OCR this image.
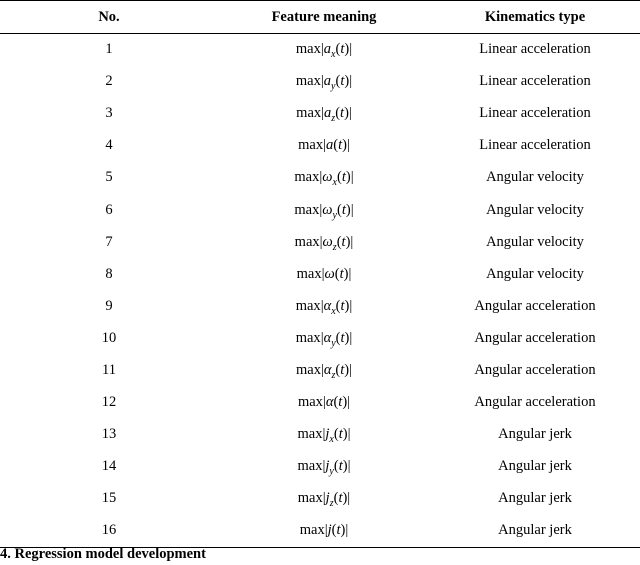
No.	Feature meaning	Kinematics type
1	$\max|a_x(t)|$	Linear acceleration
2	$\max|a_y(t)|$	Linear acceleration
3	$\max|a_z(t)|$	Linear acceleration
4	max|a(t)|	Linear acceleration
5	$\max|\omega_x(t)|$	Angular velocity
6	$\max|\omega_y(t)|$	Angular velocity
7	$\max|\omega_z(t)|$	Angular velocity
8	max|ω(t)|	Angular velocity
9	$\max|\alpha_x(t)|$	Angular acceleration
10	$\max|\alpha_y(t)|$	Angular acceleration
11	$\max|\alpha_z(t)|$	Angular acceleration
12	max|α(t)|	Angular acceleration
13	$\max|j_x(t)|$	Angular jerk
14	$\max|j_y(t)|$	Angular jerk
15	$\max|j_z(t)|$	Angular jerk
16	max|j(t)|	Angular jerk
4. Regression model development
